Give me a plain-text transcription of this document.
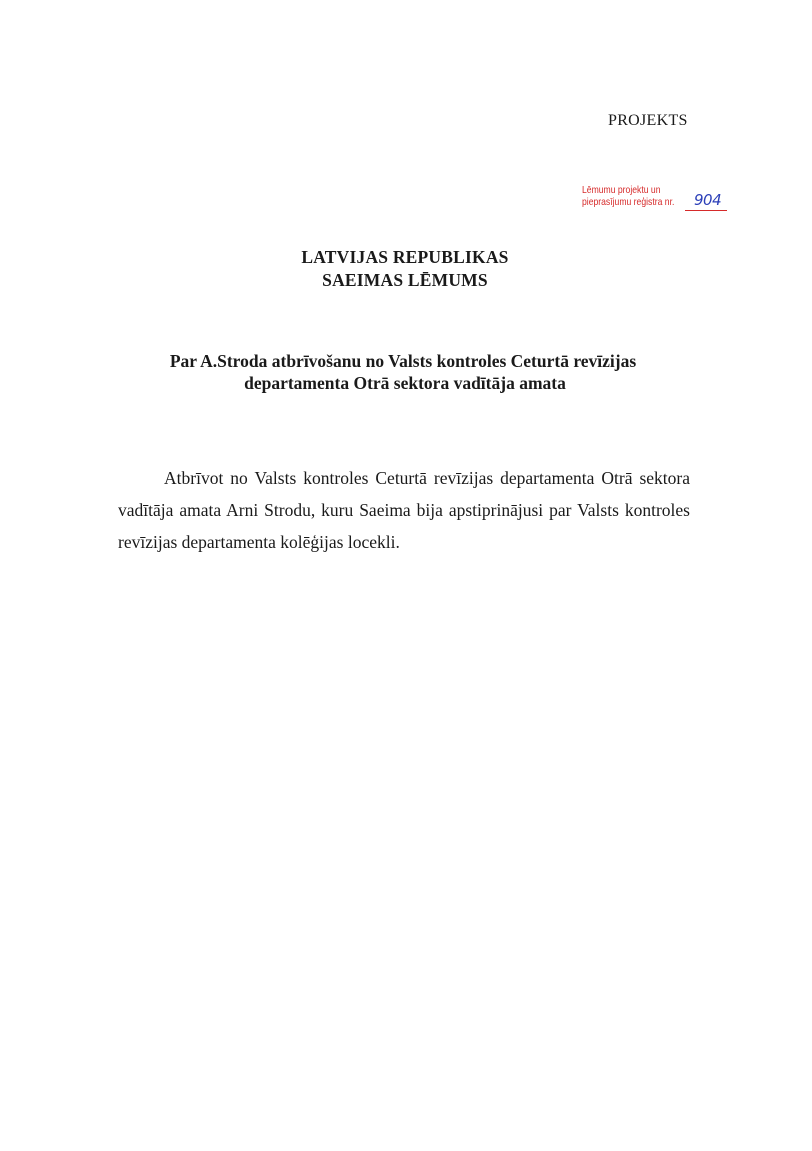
PROJEKTS
Lēmumu projektu un
pieprasījumu reģistra nr.	904
LATVIJAS REPUBLIKAS
SAEIMAS LĒMUMS
Par A.Stroda atbrīvošanu no Valsts kontroles Ceturtā revīzijas
departamenta Otrā sektora vadītāja amata
Atbrīvot no Valsts kontroles Ceturtā revīzijas departamenta Otrā sektora vadītāja amata Arni Strodu, kuru Saeima bija apstiprinājusi par Valsts kontroles revīzijas departamenta kolēģijas locekli.
